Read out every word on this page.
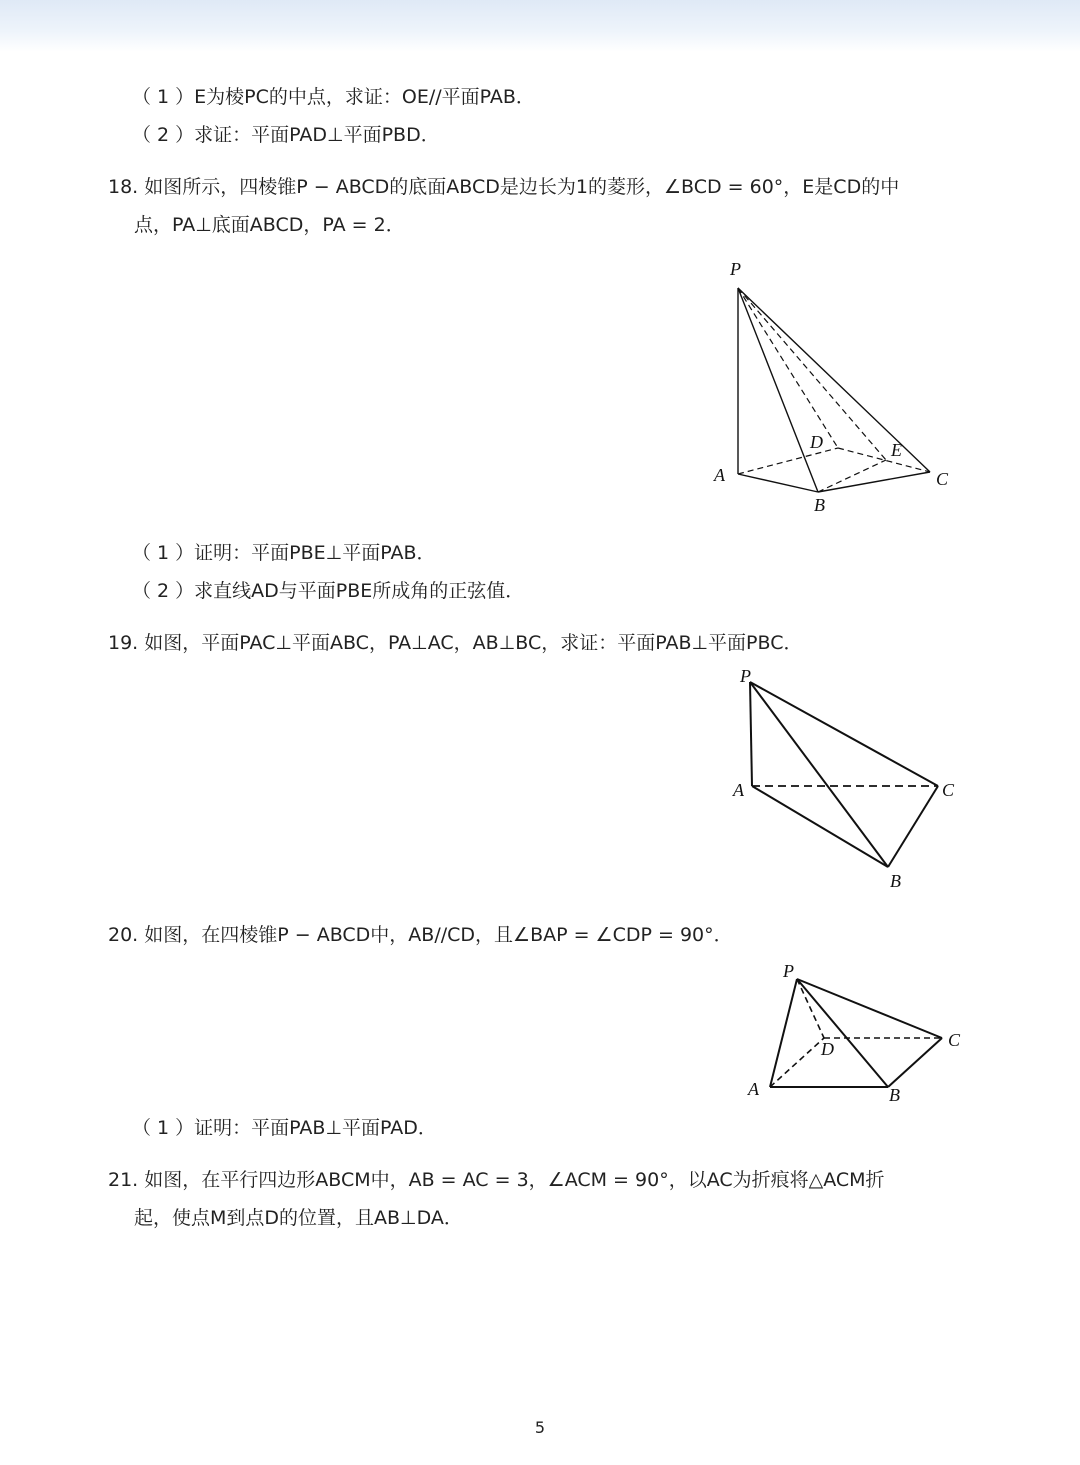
（ 1 ）E为棱PC的中点，求证：OE//平面PAB．
（ 2 ）求证：平面PAD⊥平面PBD．
18. 如图所示，四棱锥P − ABCD的底面ABCD是边长为1的菱形，∠BCD = 60°，E是CD的中
点，PA⊥底面ABCD，PA = 2．
P
A
B
C
D	E
（ 1 ）证明：平面PBE⊥平面PAB．
（ 2 ）求直线AD与平面PBE所成角的正弦值．
19. 如图，平面PAC⊥平面ABC，PA⊥AC，AB⊥BC，求证：平面PAB⊥平面PBC．
P
A	C
B
20. 如图，在四棱锥P − ABCD中，AB//CD，且∠BAP = ∠CDP = 90°．
P
D	C
A	B
（ 1 ）证明：平面PAB⊥平面PAD．
21. 如图，在平行四边形ABCM中，AB = AC = 3，∠ACM = 90°，以AC为折痕将△ACM折
起，使点M到点D的位置，且AB⊥DA．
5
